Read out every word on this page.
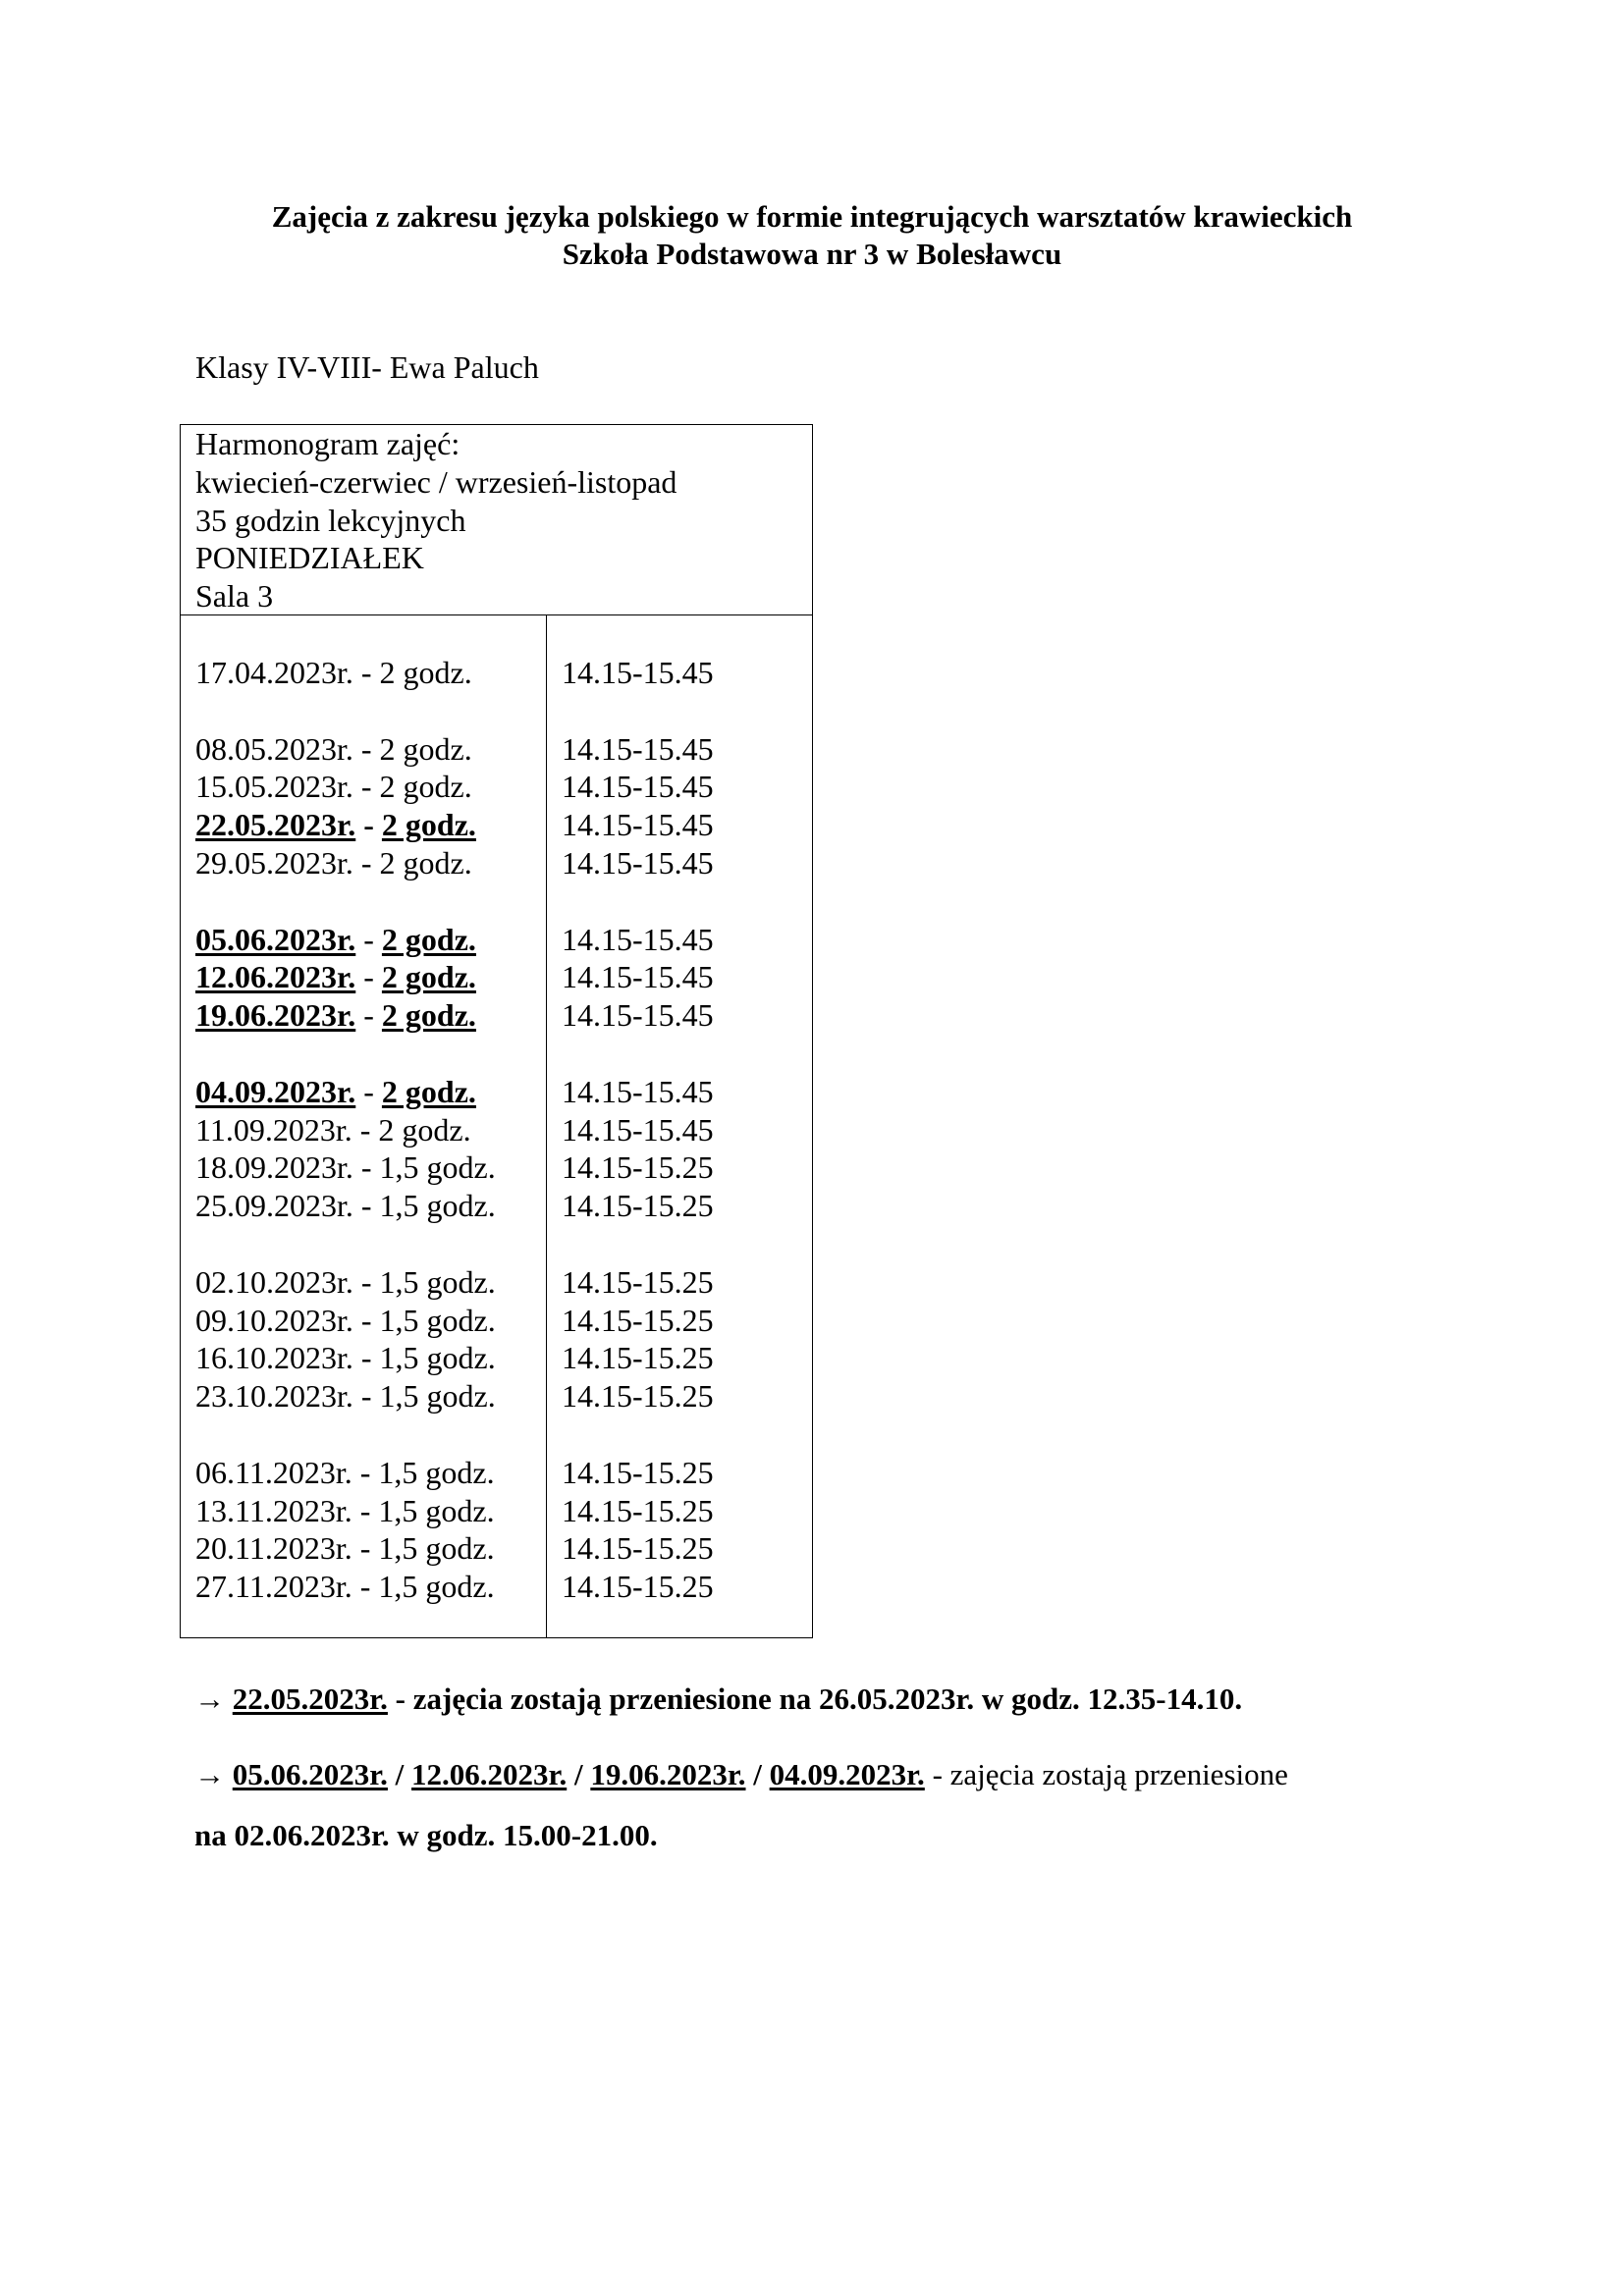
Zajęcia z zakresu języka polskiego w formie integrujących warsztatów krawieckich
Szkoła Podstawowa nr 3 w Bolesławcu
Klasy IV-VIII- Ewa Paluch
Harmonogram zajęć:
kwiecień-czerwiec / wrzesień-listopad
35 godzin lekcyjnych
PONIEDZIAŁEK
Sala 3
17.04.2023r. - 2 godz.	14.15-15.45
08.05.2023r. - 2 godz.	14.15-15.45
15.05.2023r. - 2 godz.	14.15-15.45
22.05.2023r. - 2 godz.	14.15-15.45
29.05.2023r. - 2 godz.	14.15-15.45
05.06.2023r. - 2 godz.	14.15-15.45
12.06.2023r. - 2 godz.	14.15-15.45
19.06.2023r. - 2 godz.	14.15-15.45
04.09.2023r. - 2 godz.	14.15-15.45
11.09.2023r. - 2 godz.	14.15-15.45
18.09.2023r. - 1,5 godz.	14.15-15.25
25.09.2023r. - 1,5 godz.	14.15-15.25
02.10.2023r. - 1,5 godz.	14.15-15.25
09.10.2023r. - 1,5 godz.	14.15-15.25
16.10.2023r. - 1,5 godz.	14.15-15.25
23.10.2023r. - 1,5 godz.	14.15-15.25
06.11.2023r. - 1,5 godz.	14.15-15.25
13.11.2023r. - 1,5 godz.	14.15-15.25
20.11.2023r. - 1,5 godz.	14.15-15.25
27.11.2023r. - 1,5 godz.	14.15-15.25
→ 22.05.2023r. - zajęcia zostają przeniesione na 26.05.2023r. w godz. 12.35-14.10.
→ 05.06.2023r. / 12.06.2023r. / 19.06.2023r. / 04.09.2023r. - zajęcia zostają przeniesione
na 02.06.2023r. w godz. 15.00-21.00.
